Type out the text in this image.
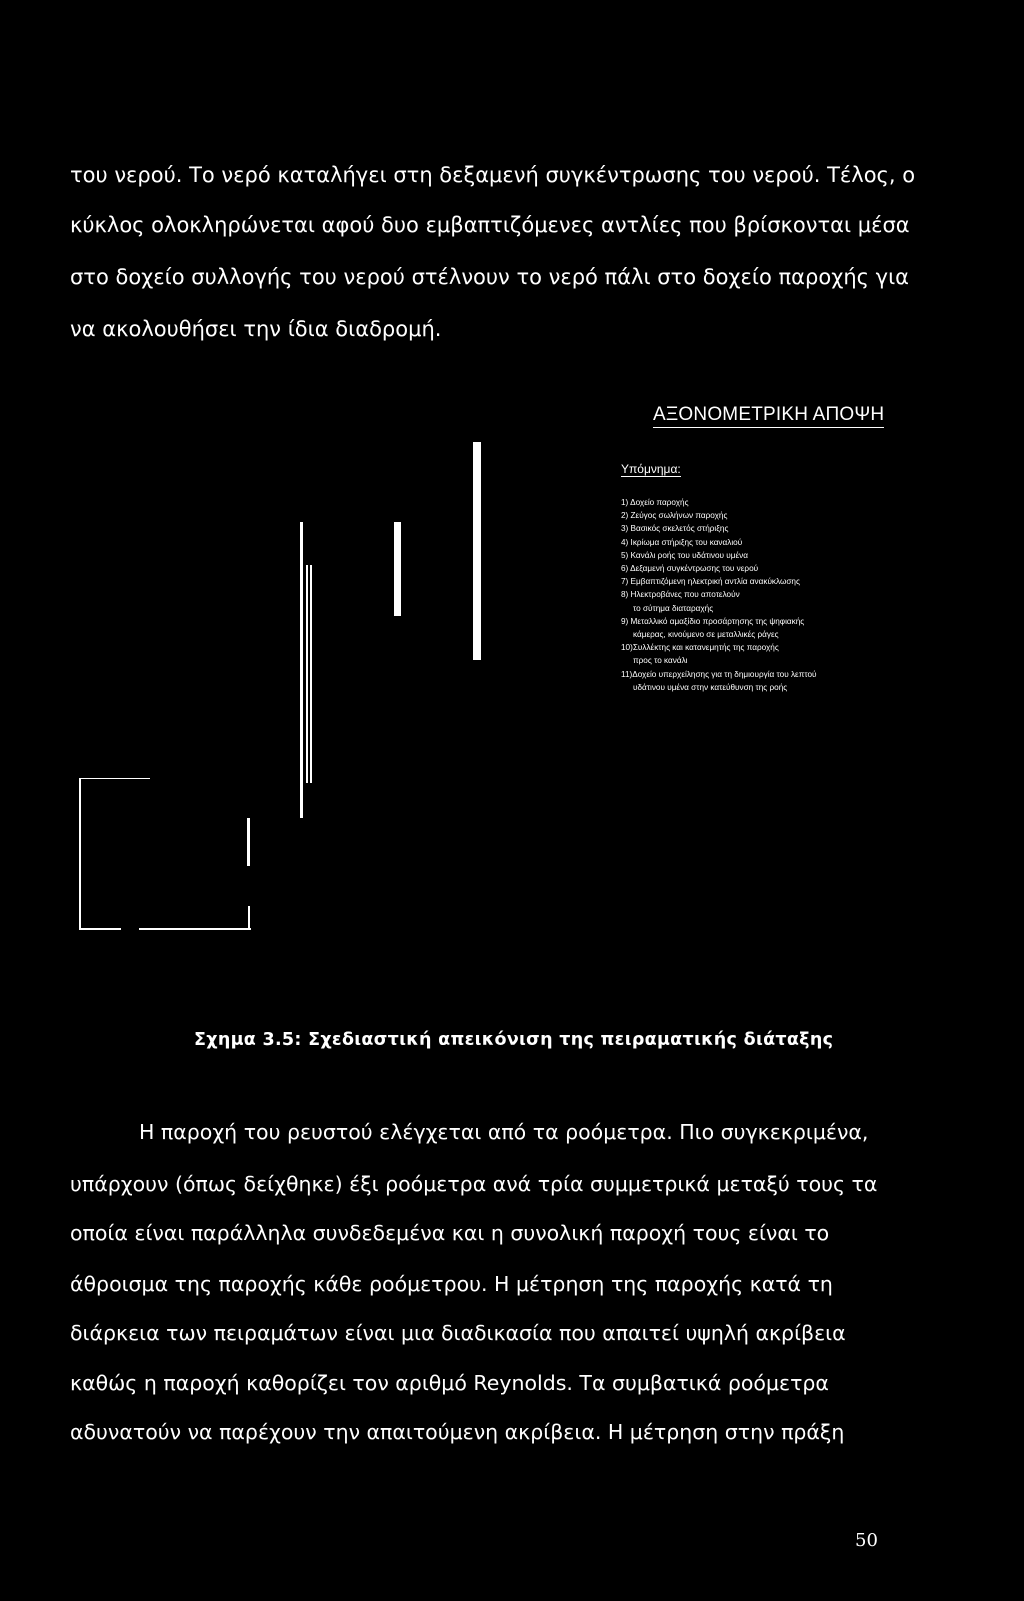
του νερού. Το νερό καταλήγει στη δεξαμενή συγκέντρωσης του νερού. Τέλος, ο
κύκλος ολοκληρώνεται αφού δυο εμβαπτιζόμενες αντλίες που βρίσκονται μέσα
στο δοχείο συλλογής του νερού στέλνουν το νερό πάλι στο δοχείο παροχής για
να ακολουθήσει την ίδια διαδρομή.
ΑΞΟΝΟΜΕΤΡΙΚΗ ΑΠΟΨΗ
Υπόμνημα:
1) Δοχείο παροχής
2) Ζεύγος σωλήνων παροχής
3) Βασικός σκελετός στήριξης
4) Ικρίωμα στήριξης του καναλιού
5) Κανάλι ροής του υδάτινου υμένα
6) Δεξαμενή συγκέντρωσης του νερού
7) Εμβαπτιζόμενη ηλεκτρική αντλία ανακύκλωσης
8) Ηλεκτροβάνες που αποτελούν
το σύτημα διαταραχής
9) Μεταλλικό αμαξίδιο προσάρτησης της ψηφιακής
κάμερας, κινούμενο σε μεταλλικές ράγες
10)Συλλέκτης και κατανεμητής της παροχής
προς το κανάλι
11)Δοχείο υπερχείλησης για τη δημιουργία του λεπτού
υδάτινου υμένα στην κατεύθυνση της ροής
Σχημα 3.5: Σχεδιαστική απεικόνιση της πειραματικής διάταξης
Η παροχή του ρευστού ελέγχεται από τα ροόμετρα. Πιο συγκεκριμένα,
υπάρχουν (όπως δείχθηκε) έξι ροόμετρα ανά τρία συμμετρικά μεταξύ τους τα
οποία είναι παράλληλα συνδεδεμένα και η συνολική παροχή τους είναι το
άθροισμα της παροχής κάθε ροόμετρου. Η μέτρηση της παροχής κατά τη
διάρκεια των πειραμάτων είναι μια διαδικασία που απαιτεί υψηλή ακρίβεια
καθώς η παροχή καθορίζει τον αριθμό Reynolds. Τα συμβατικά ροόμετρα
αδυνατούν να παρέχουν την απαιτούμενη ακρίβεια. Η μέτρηση στην πράξη
50
